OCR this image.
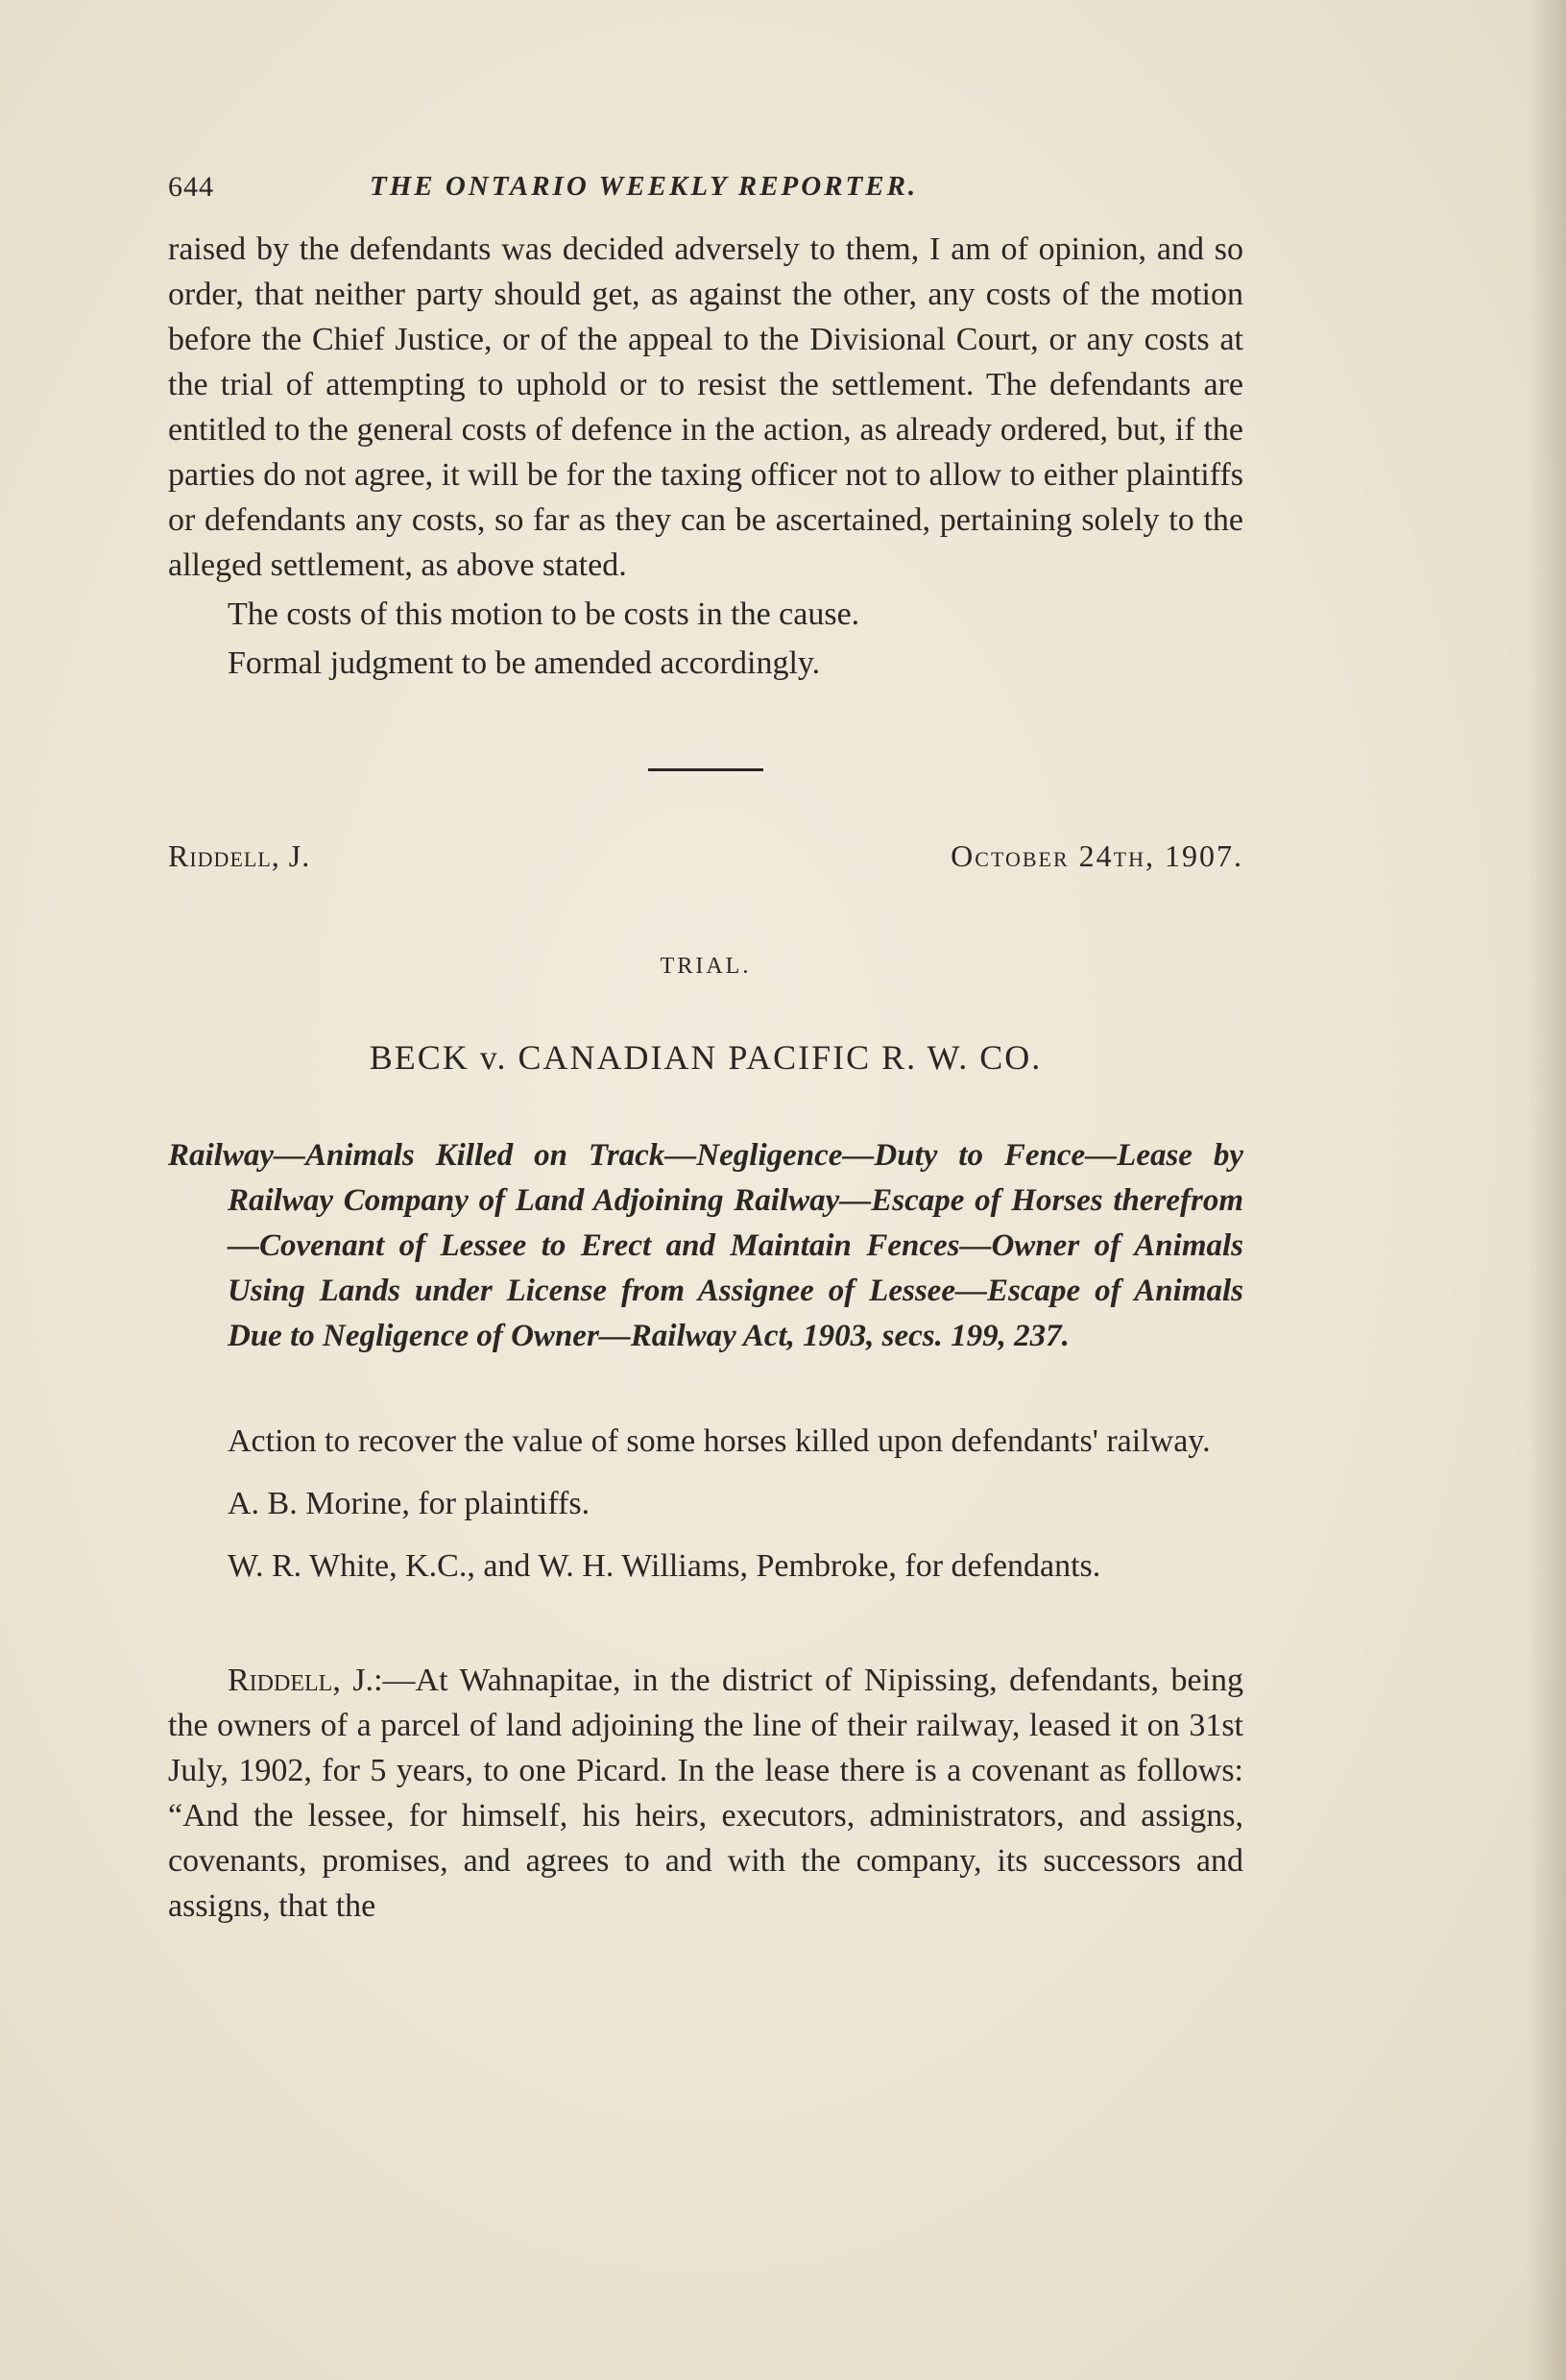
644	THE ONTARIO WEEKLY REPORTER.

raised by the defendants was decided adversely to them, I am of opinion, and so order, that neither party should get, as against the other, any costs of the motion before the Chief Justice, or of the appeal to the Divisional Court, or any costs at the trial of attempting to uphold or to resist the settlement. The defendants are entitled to the general costs of defence in the action, as already ordered, but, if the parties do not agree, it will be for the taxing officer not to allow to either plaintiffs or defendants any costs, so far as they can be ascertained, pertaining solely to the alleged settlement, as above stated.

The costs of this motion to be costs in the cause.

Formal judgment to be amended accordingly.

Riddell, J.	October 24th, 1907.
TRIAL.
BECK v. CANADIAN PACIFIC R. W. CO.

Railway—Animals Killed on Track—Negligence—Duty to Fence—Lease by Railway Company of Land Adjoining Railway—Escape of Horses therefrom—Covenant of Lessee to Erect and Maintain Fences—Owner of Animals Using Lands under License from Assignee of Lessee—Escape of Animals Due to Negligence of Owner—Railway Act, 1903, secs. 199, 237.

Action to recover the value of some horses killed upon defendants' railway.

A. B. Morine, for plaintiffs.

W. R. White, K.C., and W. H. Williams, Pembroke, for defendants.

Riddell, J.:—At Wahnapitae, in the district of Nipissing, defendants, being the owners of a parcel of land adjoining the line of their railway, leased it on 31st July, 1902, for 5 years, to one Picard. In the lease there is a covenant as follows: “And the lessee, for himself, his heirs, executors, administrators, and assigns, covenants, promises, and agrees to and with the company, its successors and assigns, that the
